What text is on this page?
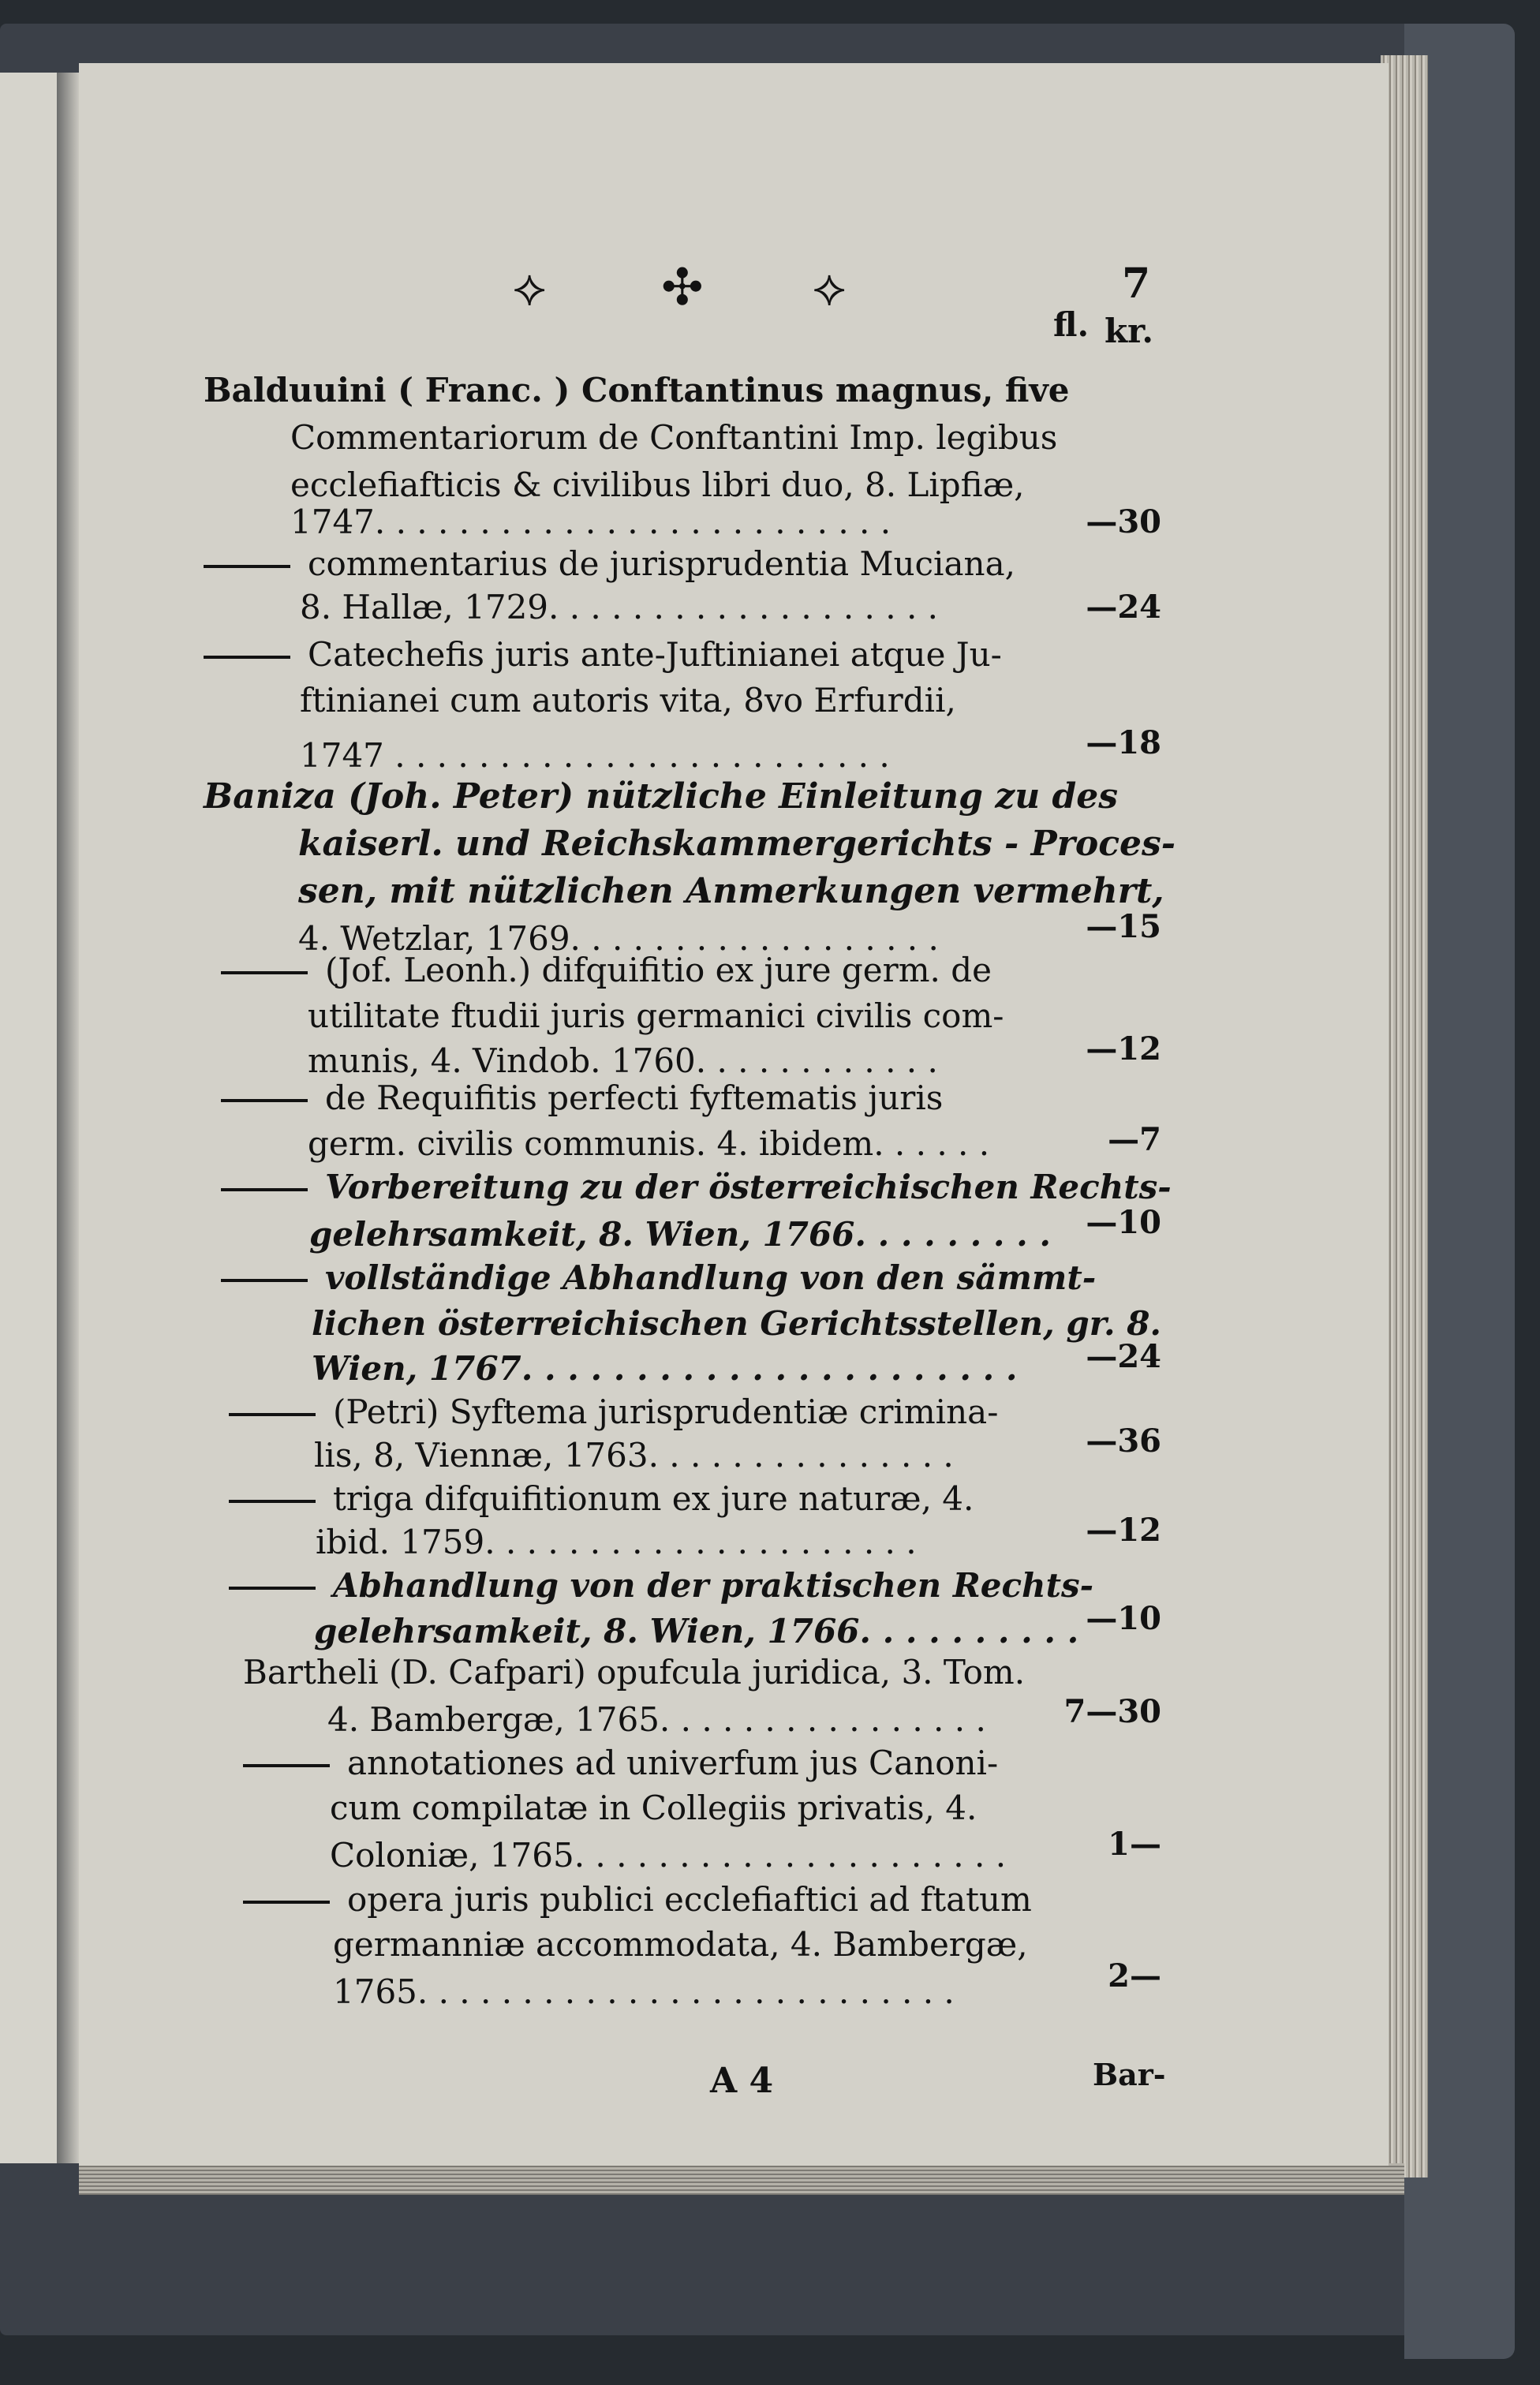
⟡ ✣ ⟡	7
fl. kr.
Balduuini ( Franc. ) Conftantinus magnus, five
Commentariorum de Conftantini Imp. legibus
ecclefiafticis & civilibus libri duo, 8. Lipfiæ,
1747. . . . . . . . . . . . . . . . . . . . . . . . .	—30
commentarius de jurisprudentia Muciana,
8. Hallæ, 1729. . . . . . . . . . . . . . . . . . .	—24
Catechefis juris ante-Juftinianei atque Ju-
ftinianei cum autoris vita, 8vo Erfurdii,
1747 . . . . . . . . . . . . . . . . . . . . . . . .	—18
Baniza (Joh. Peter) nützliche Einleitung zu des
kaiserl. und Reichskammergerichts - Proces-
sen, mit nützlichen Anmerkungen vermehrt,
4. Wetzlar, 1769. . . . . . . . . . . . . . . . . .	—15
(Jof. Leonh.) difquifitio ex jure germ. de
utilitate ftudii juris germanici civilis com-
munis, 4. Vindob. 1760. . . . . . . . . . . .	—12
de Requifitis perfecti fyftematis juris
germ. civilis communis. 4. ibidem. . . . . .	—7
Vorbereitung zu der österreichischen Rechts-
gelehrsamkeit, 8. Wien, 1766. . . . . . . . . —10
vollständige Abhandlung von den sämmt-
lichen österreichischen Gerichtsstellen, gr. 8.
Wien, 1767. . . . . . . . . . . . . . . . . . . . . . —24
(Petri) Syftema jurisprudentiæ crimina-
lis, 8, Viennæ, 1763. . . . . . . . . . . . . . .	—36
triga difquifitionum ex jure naturæ, 4.
ibid. 1759. . . . . . . . . . . . . . . . . . . . .	—12
Abhandlung von der praktischen Rechts-
gelehrsamkeit, 8. Wien, 1766. . . . . . . . . . —10
Bartheli (D. Cafpari) opufcula juridica, 3. Tom.
4. Bambergæ, 1765. . . . . . . . . . . . . . . . 7—30
annotationes ad univerfum jus Canoni-
cum compilatæ in Collegiis privatis, 4.
Coloniæ, 1765. . . . . . . . . . . . . . . . . . . . .	1—
opera juris publici ecclefiaftici ad ftatum
germanniæ accommodata, 4. Bambergæ,
1765. . . . . . . . . . . . . . . . . . . . . . . . . .	2—
A 4	Bar-
